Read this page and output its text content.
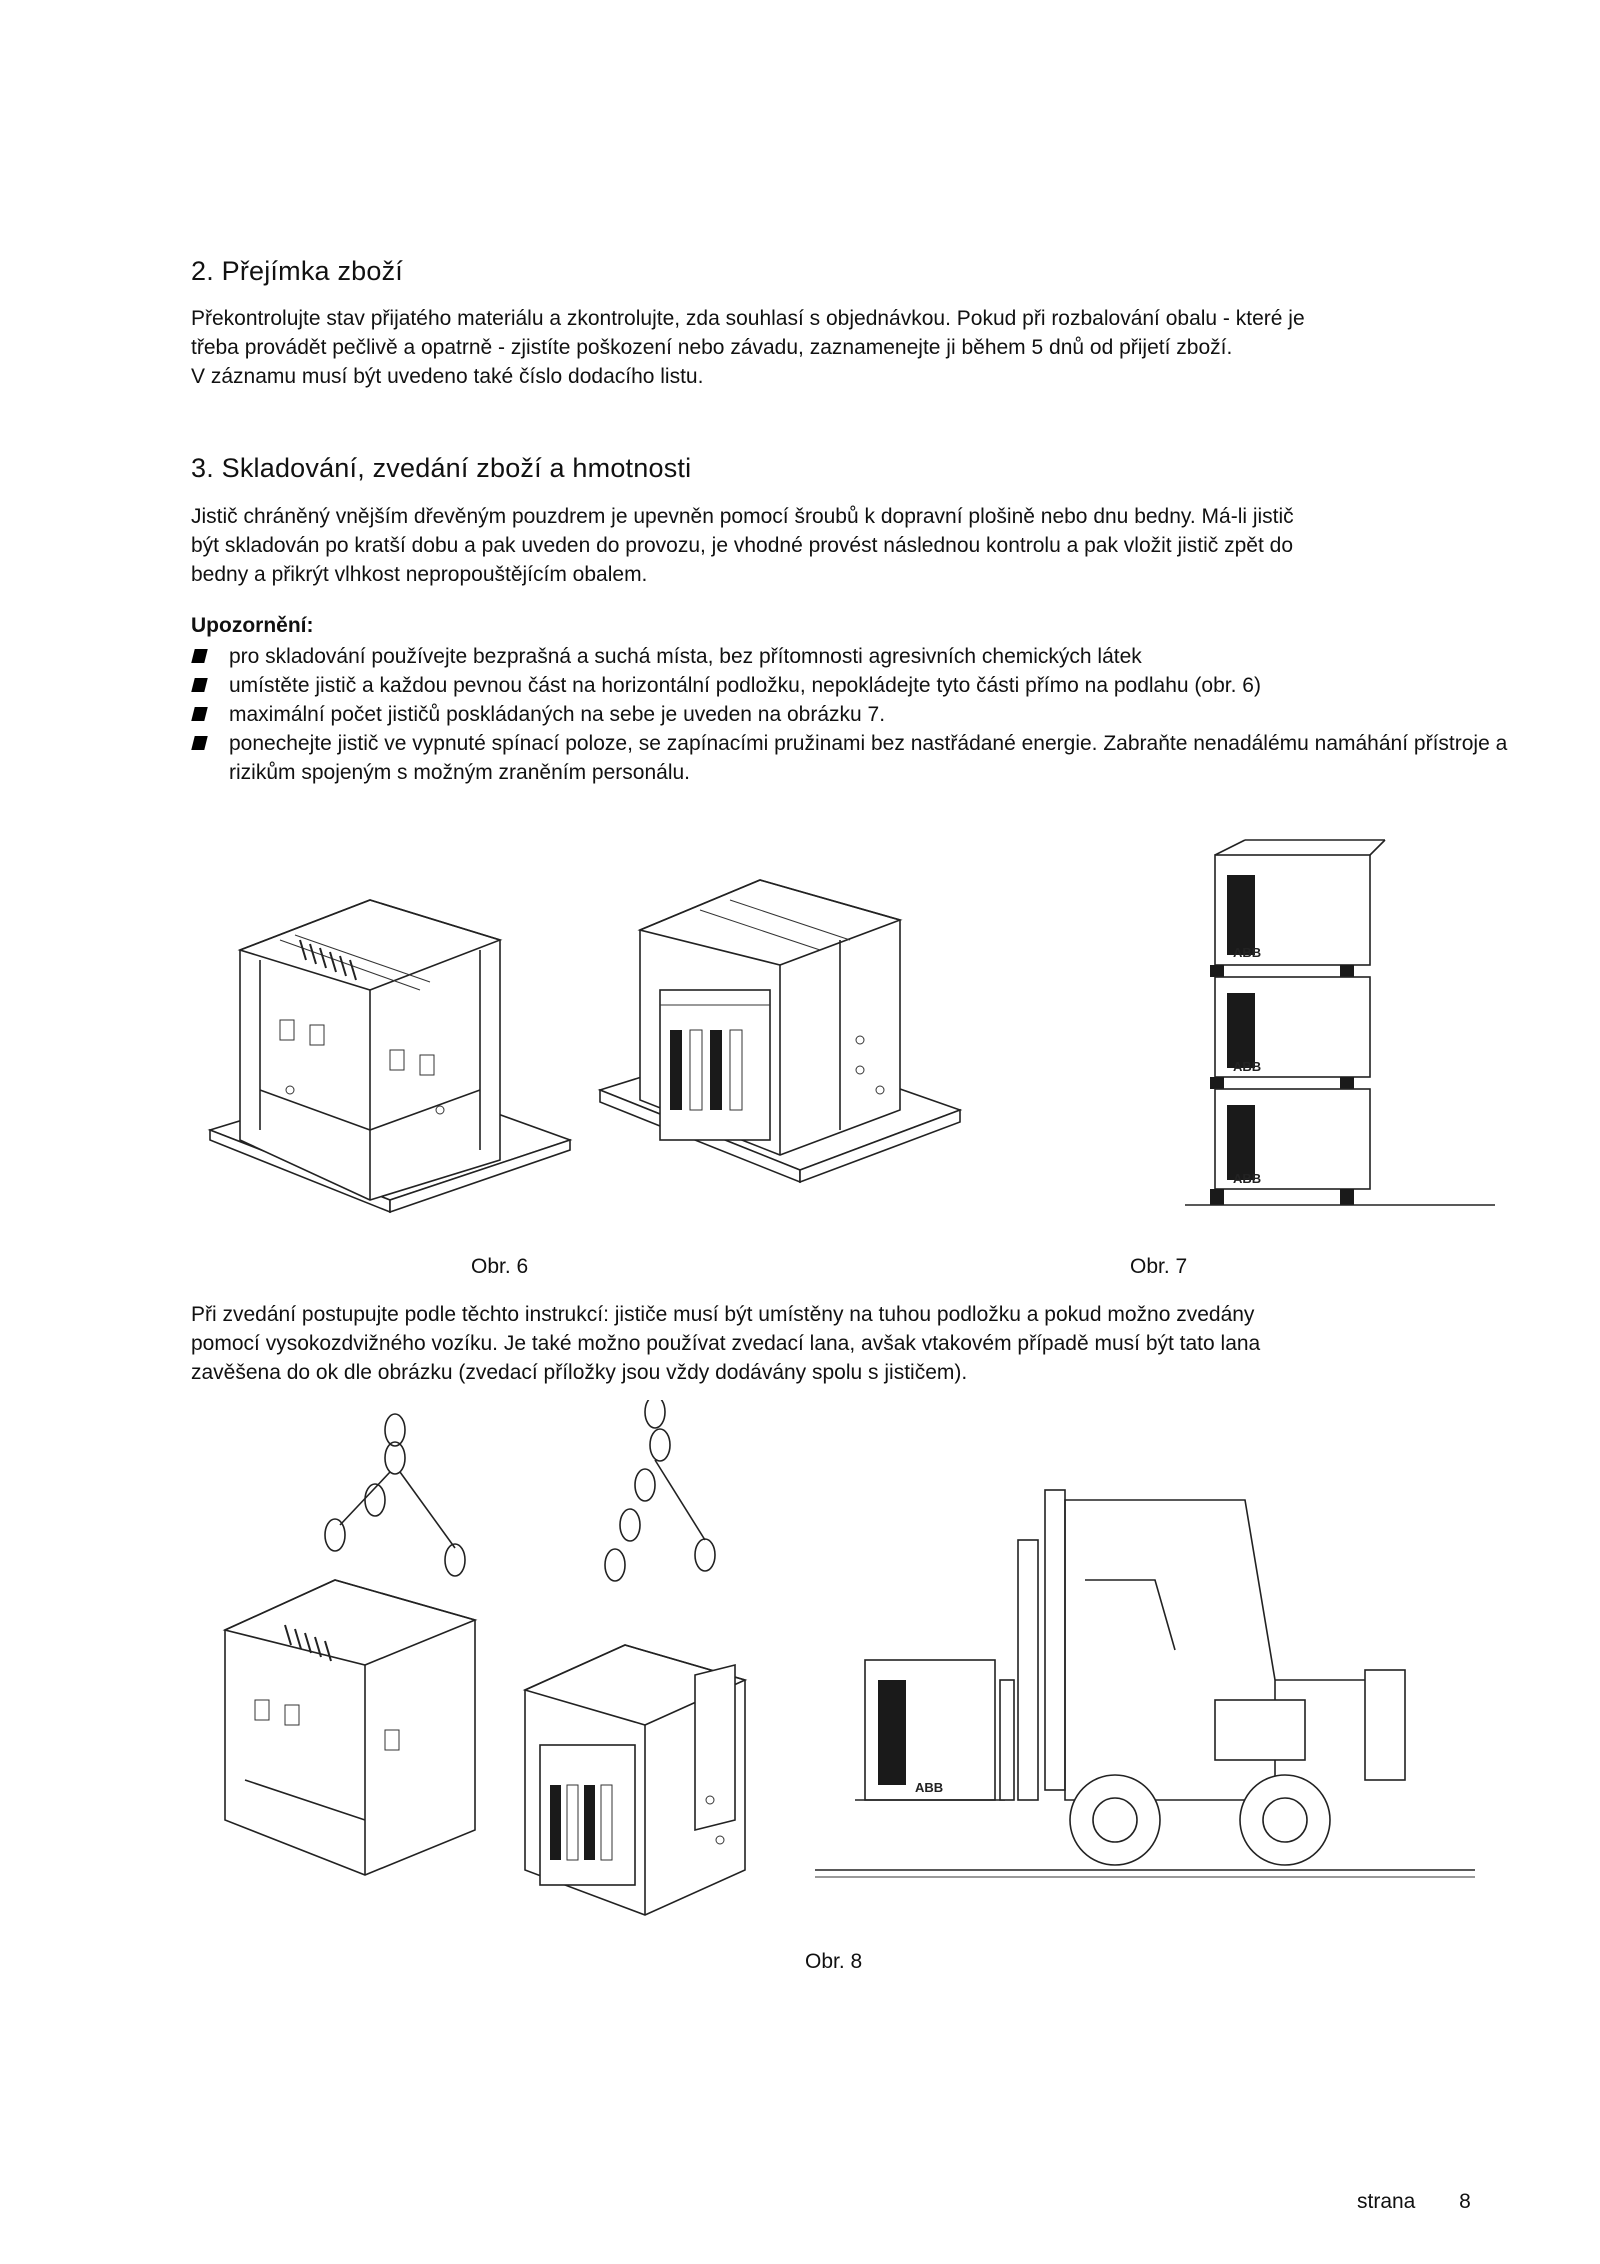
2. Přejímka zboží

Překontrolujte stav přijatého materiálu a zkontrolujte, zda souhlasí s objednávkou. Pokud při rozbalování obalu - které je

třeba provádět pečlivě a opatrně - zjistíte poškození nebo závadu, zaznamenejte ji během 5 dnů od přijetí zboží.

V záznamu musí být uvedeno také číslo dodacího listu.

3. Skladování, zvedání zboží a hmotnosti

Jistič chráněný vnějším dřevěným pouzdrem je upevněn pomocí šroubů k dopravní plošině nebo dnu bedny. Má-li jistič

být skladován po kratší dobu a pak uveden do provozu, je vhodné provést následnou kontrolu a pak vložit jistič zpět do

bedny a přikrýt vlhkost nepropouštějícím obalem.

Upozornění:
pro skladování používejte bezprašná a suchá místa, bez přítomnosti agresivních chemických látek
umístěte jistič a každou pevnou část na horizontální podložku, nepokládejte tyto části přímo na podlahu (obr. 6)
maximální počet jističů poskládaných na sebe je uveden na obrázku 7.
ponechejte jistič ve vypnuté spínací poloze, se zapínacími pružinami bez nastřádané energie. Zabraňte nenadálému namáhání přístroje a rizikům spojeným s možným zraněním personálu.
ABB
ABB
ABB
Obr. 6	Obr. 7

Při zvedání postupujte podle těchto instrukcí: jističe musí být umístěny na tuhou podložku a pokud možno zvedány

pomocí vysokozdvižného vozíku. Je také možno používat zvedací lana, avšak vtakovém případě musí být tato lana

zavěšena do ok dle obrázku (zvedací příložky jsou vždy dodávány spolu s jističem).

ABB
Obr. 8
strana 8
